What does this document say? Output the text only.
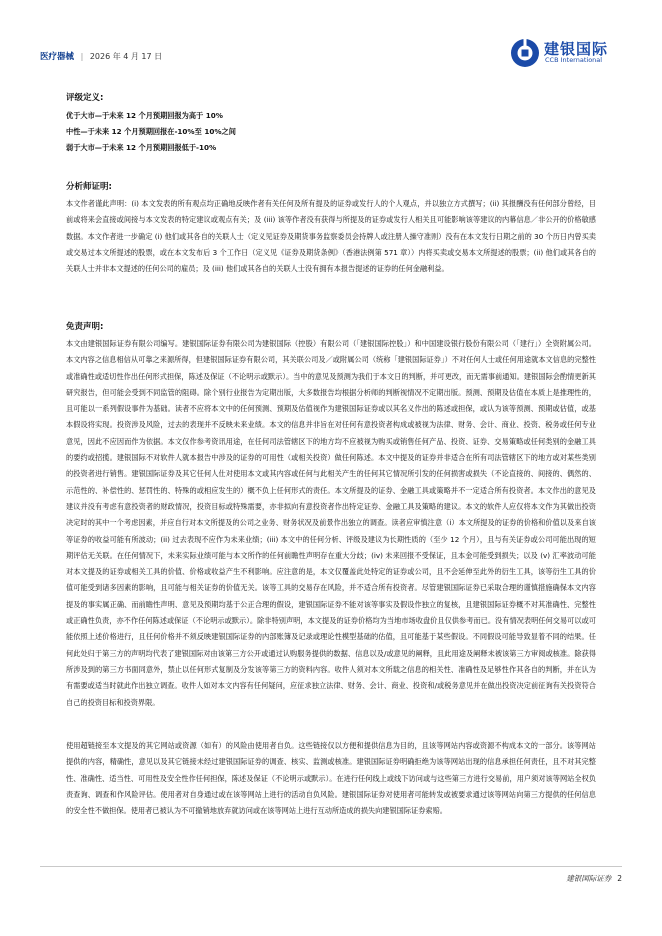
医疗器械 | 2026 年 4 月 17 日	建银国际
CCB International
评级定义:
优于大市—于未来 12 个月预期回报为高于 10%
中性—于未来 12 个月预期回报在-10%至 10%之间
弱于大市—于未来 12 个月预期回报低于-10%
分析师证明:

本文作者谨此声明：(i) 本文发表的所有观点均正确地反映作者有关任何及所有提及的证券或发行人的个人观点，并以独立方式撰写；(ii) 其报酬没有任何部分曾经，目前或将来会直接或间接与本文发表的特定建议或观点有关；及 (iii) 该等作者没有获得与所提及的证券或发行人相关且可能影响该等建议的内幕信息／非公开的价格敏感数据。本文作者进一步确定 (i) 他们或其各自的关联人士（定义见证券及期货事务监察委员会持牌人或注册人操守准则）没有在本文发行日期之前的 30 个历日内曾买卖或交易过本文所提述的股票，或在本文发布后 3 个工作日（定义见《证券及期货条例》（香港法例第 571 章））内将买卖或交易本文所提述的股票；(ii) 他们或其各自的关联人士并非本文提述的任何公司的雇员；及 (iii) 他们或其各自的关联人士没有拥有本报告提述的证券的任何金融利益。

免责声明:

本文由建银国际证券有限公司编写。建银国际证券有限公司为建银国际（控股）有限公司（「建银国际控股」）和中国建设银行股份有限公司（「建行」）全资附属公司。本文内容之信息相信从可靠之来源所得，但建银国际证券有限公司，其关联公司及／或附属公司（统称「建银国际证券」）不对任何人士或任何用途就本文信息的完整性或准确性或适切性作出任何形式担保，陈述及保证（不论明示或默示）。当中的意见及预测为我们于本文日的判断，并可更改，而无需事前通知。建银国际会酌情更新其研究报告，但可能会受到不同监管的阻碍。除个别行业报告为定期出版，大多数报告均根据分析师的判断视情况不定期出版。预测、预期及估值在本质上是推理性的，且可能以一系列假设事件为基础。读者不应将本文中的任何预测、预期及估值视作为建银国际证券或以其名义作出的陈述或担保，或认为该等预测、预期或估值，或基本假设将实现。投资涉及风险，过去的表现并不反映未来业绩。本文的信息并非旨在对任何有意投资者构成或被视为法律、财务、会计、商业、投资、税务或任何专业意见，因此不应因而作为依据。本文仅作参考资讯用途，在任何司法管辖区下的地方均不应被视为购买或销售任何产品、投资、证券、交易策略或任何类别的金融工具的要约或招揽。建银国际不对软件人就本报告中涉及的证券的可用性（或相关投资）做任何陈述。本文中提及的证券并非适合在所有司法管辖区下的地方或对某些类别的投资者进行销售。建银国际证券及其它任何人仕对使用本文或其内容或任何与此相关产生的任何其它情况所引发的任何损害或损失（不论直接的、间接的、偶然的、示范性的、补偿性的、惩罚性的、特殊的或相应发生的）概不负上任何形式的责任。本文所提及的证券、金融工具或策略并不一定适合所有投资者。本文作出的意见及建议并没有考虑有意投资者的财政情况，投资目标或特殊需要，亦非拟向有意投资者作出特定证券、金融工具及策略的建议。本文的软件人应仅将本文作为其做出投资决定时的其中一个考虑因素，并应自行对本文所提及的公司之业务、财务状况及前景作出独立的调查。读者应审慎注意（i）本文所提及的证券的价格和价值以及来自该等证券的收益可能有所波动；(ii) 过去表现不应作为未来业绩；(iii) 本文中的任何分析、评级及建议为长期性质的（至少 12 个月），且与有关证券或公司可能出现的短期评估无关联。在任何情况下，未来实际业绩可能与本文所作的任何前瞻性声明存在重大分歧；(iv) 未来回报不受保证，且本金可能受到损失；以及 (v) 汇率波动可能对本文提及的证券或相关工具的价值、价格或收益产生不利影响。应注意的是，本文仅覆盖此处特定的证券或公司，且不会延伸至此外的衍生工具，该等衍生工具的价值可能受到诸多因素的影响，且可能与相关证券的价值无关。该等工具的交易存在风险，并不适合所有投资者。尽管建银国际证券已采取合理的谨慎措施确保本文内容提及的事实属正确、而前瞻性声明、意见及预期均基于公正合理的假设，建银国际证券不能对该等事实及假设作独立的复核，且建银国际证券概不对其准确性、完整性或正确性负责，亦不作任何陈述或保证（不论明示或默示）。除非特别声明，本文提及的证券价格均为当地市场收盘价且仅供参考而已。没有情况表明任何交易可以或可能依照上述价格进行，且任何价格并不须反映建银国际证券的内部账簿及记录或理论性模型基础的估值，且可能基于某些假设。不同假设可能导致显着不同的结果。任何此处归于第三方的声明均代表了建银国际对由该第三方公开或通过认购服务提供的数据、信息以及/或意见的阐释，且此用途及阐释未被该第三方审阅或核准。除获得所涉及到的第三方书面同意外，禁止以任何形式复制及分发该等第三方的资料内容。收件人须对本文所载之信息的相关性、准确性及足够性作其各自的判断，并在认为有需要或适当时就此作出独立调查。收件人如对本文内容有任何疑问，应征求独立法律、财务、会计、商业、投资和/或税务意见并在做出投资决定前征询有关投资符合自己的投资目标和投资界限。

使用超链接至本文提及的其它网站或资源（如有）的风险由使用者自负。这些链接仅以方便和提供信息为目的，且该等网站内容或资源不构成本文的一部分。该等网站提供的内容，精确性，意见以及其它链接未经过建银国际证券的调查、核实、监测或核准。建银国际证券明确拒绝为该等网站出现的信息承担任何责任，且不对其完整性、准确性、适当性、可用性及安全性作任何担保，陈述及保证（不论明示或默示）。在进行任何线上或线下访问或与这些第三方进行交易前，用户须对该等网站全权负责查询、调查和作风险评估。使用者对自身通过或在该等网站上进行的活动自负风险。建银国际证券对使用者可能转发或被要求通过该等网站向第三方提供的任何信息的安全性不做担保。使用者已被认为不可撤销地放弃就访问或在该等网站上进行互动所造成的损失向建银国际证券索赔。

建银国际证券 2
